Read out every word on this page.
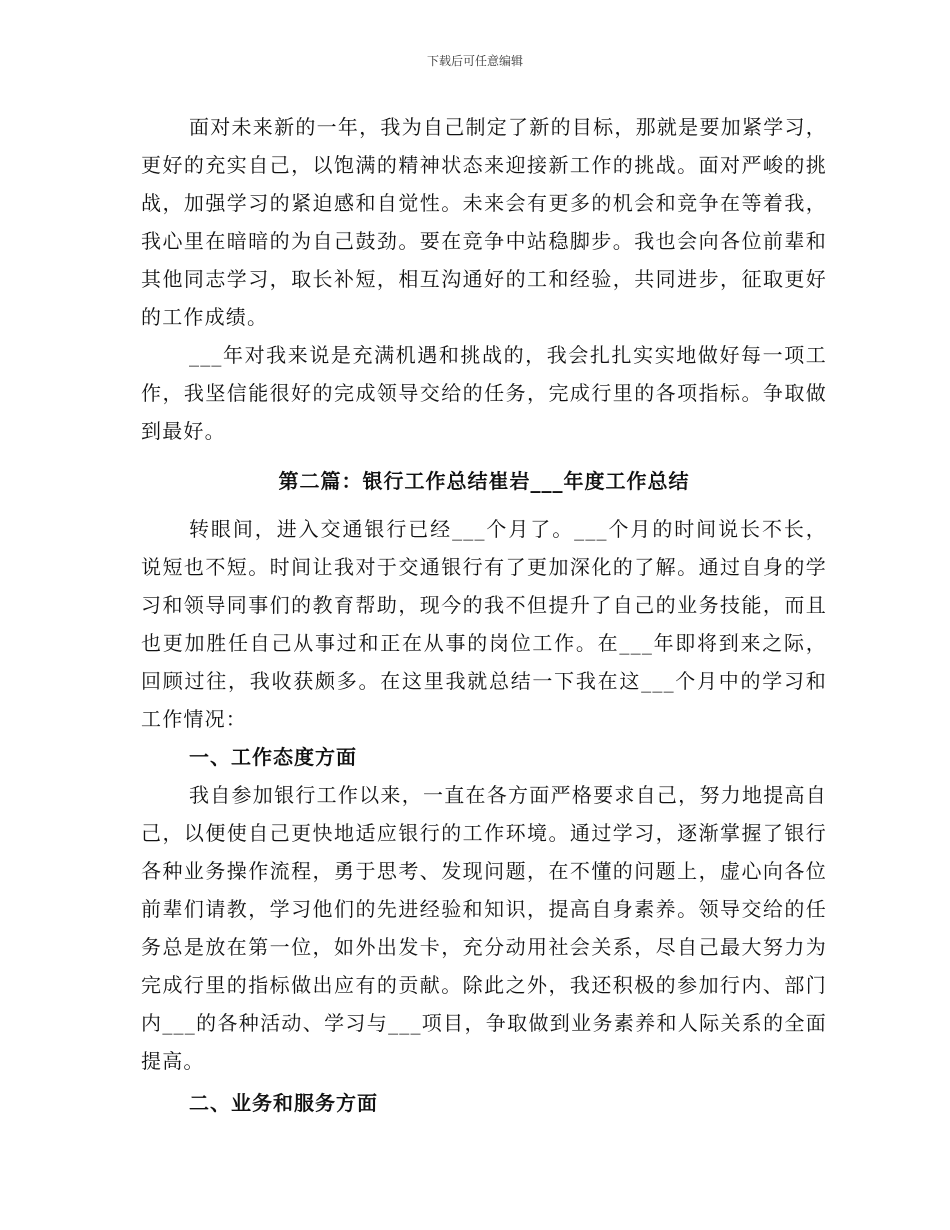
下载后可任意编辑

面对未来新的一年，我为自己制定了新的目标，那就是要加紧学习，更好的充实自己，以饱满的精神状态来迎接新工作的挑战。面对严峻的挑战，加强学习的紧迫感和自觉性。未来会有更多的机会和竞争在等着我，我心里在暗暗的为自己鼓劲。要在竞争中站稳脚步。我也会向各位前辈和其他同志学习，取长补短，相互沟通好的工和经验，共同进步，征取更好的工作成绩。

___年对我来说是充满机遇和挑战的，我会扎扎实实地做好每一项工作，我坚信能很好的完成领导交给的任务，完成行里的各项指标。争取做到最好。

第二篇：银行工作总结崔岩___年度工作总结

转眼间，进入交通银行已经___个月了。___个月的时间说长不长，说短也不短。时间让我对于交通银行有了更加深化的了解。通过自身的学习和领导同事们的教育帮助，现今的我不但提升了自己的业务技能，而且也更加胜任自己从事过和正在从事的岗位工作。在___年即将到来之际，回顾过往，我收获颇多。在这里我就总结一下我在这___个月中的学习和工作情况：

一、工作态度方面

我自参加银行工作以来，一直在各方面严格要求自己，努力地提高自己，以便使自己更快地适应银行的工作环境。通过学习，逐渐掌握了银行各种业务操作流程，勇于思考、发现问题，在不懂的问题上，虚心向各位前辈们请教，学习他们的先进经验和知识，提高自身素养。领导交给的任务总是放在第一位，如外出发卡，充分动用社会关系，尽自己最大努力为完成行里的指标做出应有的贡献。除此之外，我还积极的参加行内、部门内___的各种活动、学习与___项目，争取做到业务素养和人际关系的全面提高。

二、业务和服务方面
